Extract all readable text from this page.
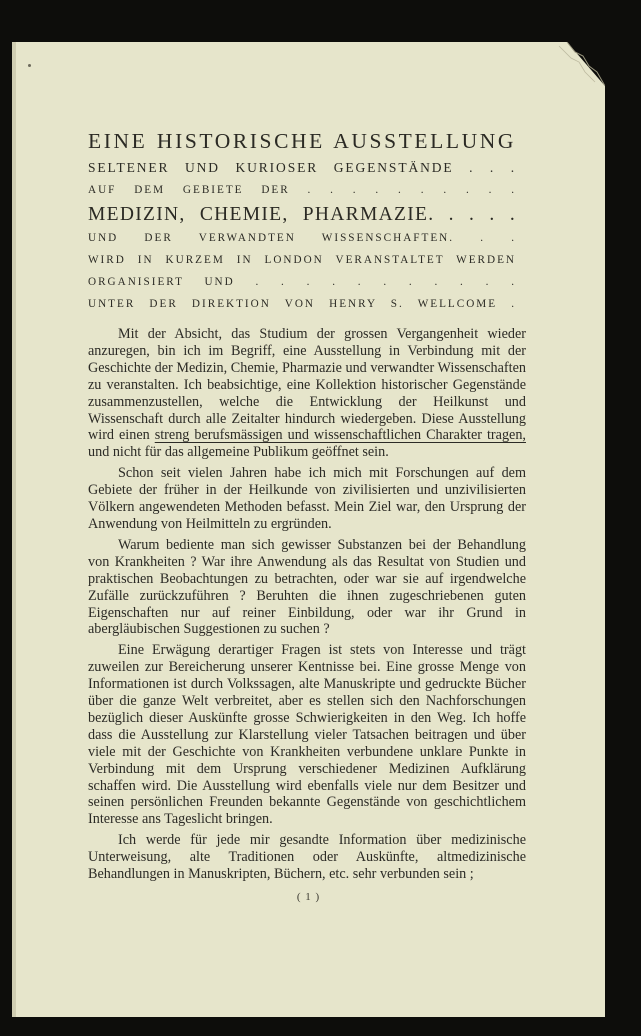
EINE HISTORISCHE AUSSTELLUNG
SELTENER UND KURIOSER GEGENSTÄNDE . . .
AUF DEM GEBIETE DER . . . . . . . . . .
MEDIZIN, CHEMIE, PHARMAZIE. . . . .
UND DER VERWANDTEN WISSENSCHAFTEN. . .
WIRD IN KURZEM IN LONDON VERANSTALTET WERDEN
ORGANISIERT UND . . . . . . . . . . .
UNTER DER DIREKTION VON HENRY S. WELLCOME .

Mit der Absicht, das Studium der grossen Vergangenheit wieder anzuregen, bin ich im Begriff, eine Ausstellung in Verbindung mit der Geschichte der Medizin, Chemie, Pharmazie und verwandter Wissenschaften zu veranstalten. Ich beabsichtige, eine Kollektion historischer Gegenstände zusammenzustellen, welche die Entwicklung der Heilkunst und Wissenschaft durch alle Zeitalter hindurch wiedergeben. Diese Ausstellung wird einen streng berufsmässigen und wissenschaftlichen Charakter tragen, und nicht für das allgemeine Publikum geöffnet sein.

Schon seit vielen Jahren habe ich mich mit Forschungen auf dem Gebiete der früher in der Heilkunde von zivilisierten und unzivilisierten Völkern angewendeten Methoden befasst. Mein Ziel war, den Ursprung der Anwendung von Heilmitteln zu ergründen.

Warum bediente man sich gewisser Substanzen bei der Behandlung von Krankheiten ? War ihre Anwendung als das Resultat von Studien und praktischen Beobachtungen zu betrachten, oder war sie auf irgendwelche Zufälle zurückzuführen ? Beruhten die ihnen zugeschriebenen guten Eigenschaften nur auf reiner Einbildung, oder war ihr Grund in abergläubischen Suggestionen zu suchen ?

Eine Erwägung derartiger Fragen ist stets von Interesse und trägt zuweilen zur Bereicherung unserer Kentnisse bei. Eine grosse Menge von Informationen ist durch Volkssagen, alte Manuskripte und gedruckte Bücher über die ganze Welt verbreitet, aber es stellen sich den Nachforschungen bezüglich dieser Auskünfte grosse Schwierigkeiten in den Weg. Ich hoffe dass die Ausstellung zur Klarstellung vieler Tatsachen beitragen und über viele mit der Geschichte von Krankheiten verbundene unklare Punkte in Verbindung mit dem Ursprung verschiedener Medizinen Aufklärung schaffen wird. Die Ausstellung wird ebenfalls viele nur dem Besitzer und seinen persönlichen Freunden bekannte Gegenstände von geschichtlichem Interesse ans Tageslicht bringen.

Ich werde für jede mir gesandte Information über medizinische Unterweisung, alte Traditionen oder Auskünfte, altmedizinische Behandlungen in Manuskripten, Büchern, etc. sehr verbunden sein ;

( 1 )
